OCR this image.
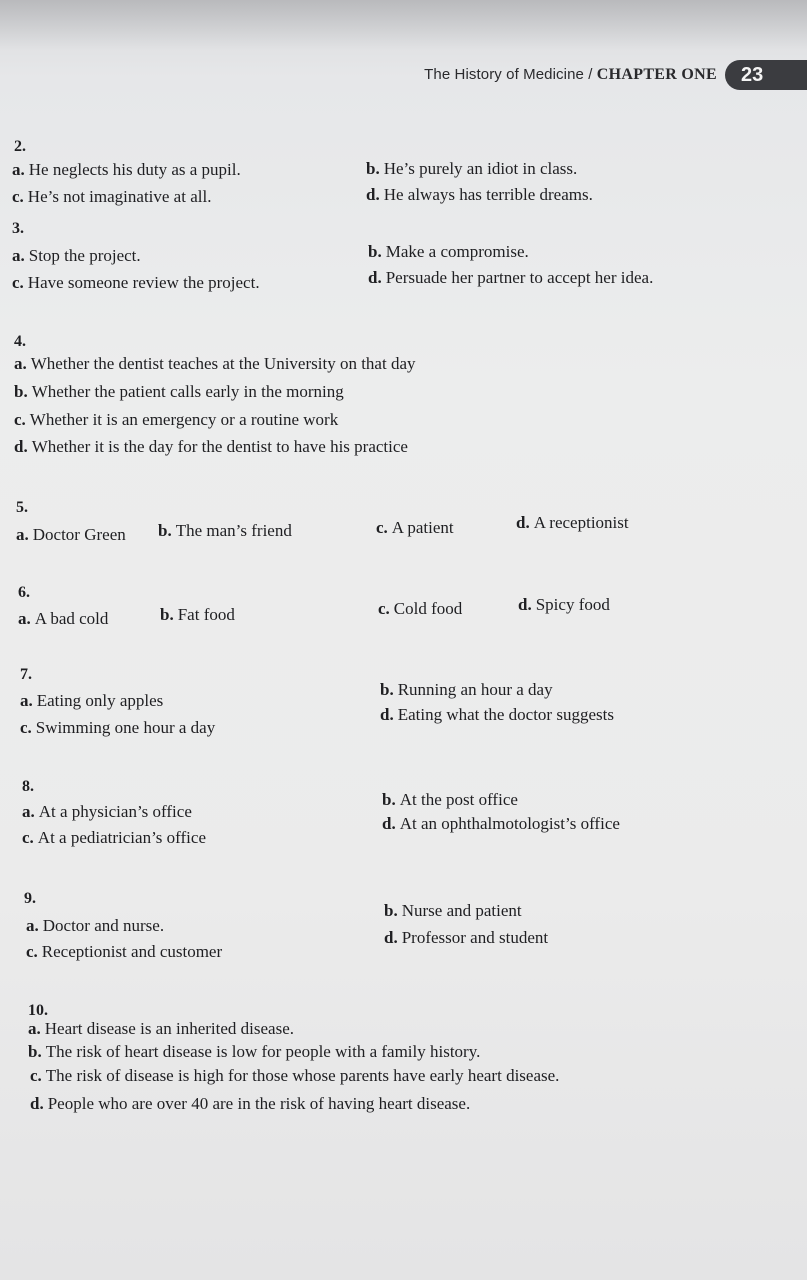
The History of Medicine / CHAPTER ONE	23
2.
a. He neglects his duty as a pupil.	b. He’s purely an idiot in class.
c. He’s not imaginative at all.	d. He always has terrible dreams.
3.
a. Stop the project.	b. Make a compromise.
c. Have someone review the project.	d. Persuade her partner to accept her idea.
4.
a. Whether the dentist teaches at the University on that day
b. Whether the patient calls early in the morning
c. Whether it is an emergency or a routine work
d. Whether it is the day for the dentist to have his practice
5.
a. Doctor Green b. The man’s friend	c. A patient	d. A receptionist
6.
a. A bad cold	b. Fat food	c. Cold food	d. Spicy food
7.
a. Eating only apples
b. Running an hour a day
c. Swimming one hour a day
d. Eating what the doctor suggests
8.
a. At a physician’s office
b. At the post office
c. At a pediatrician’s office
d. At an ophthalmotologist’s office
9.
a. Doctor and nurse.
b. Nurse and patient
c. Receptionist and customer
d. Professor and student
10.
a. Heart disease is an inherited disease.
b. The risk of heart disease is low for people with a family history.
c. The risk of disease is high for those whose parents have early heart disease.
d. People who are over 40 are in the risk of having heart disease.
